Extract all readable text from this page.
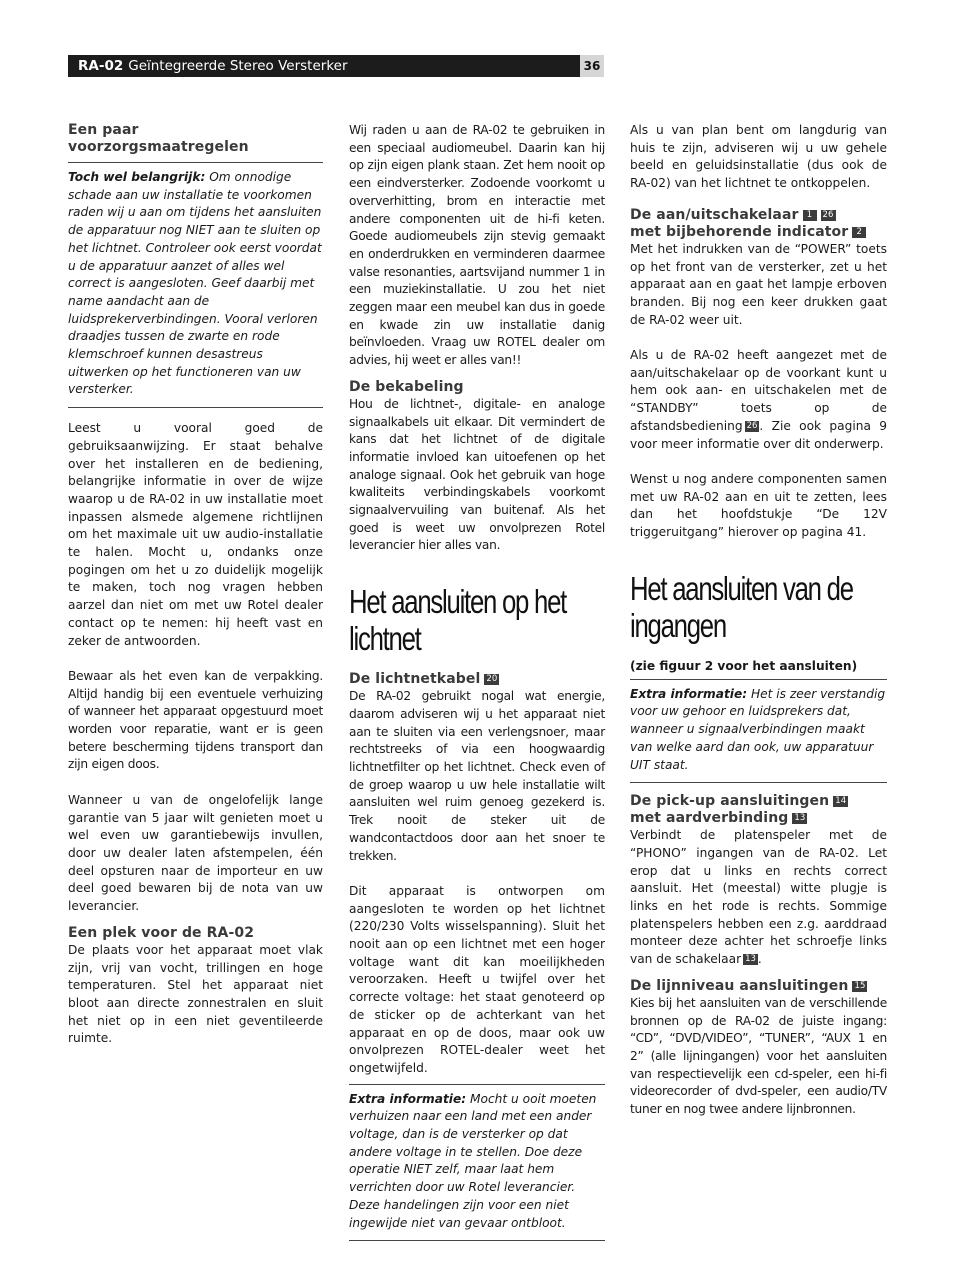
RA-02 Geïntegreerde Stereo Versterker	36
Een paar voorzorgsmaatregelen

Toch wel belangrijk: Om onnodige schade aan uw installatie te voorkomen raden wij u aan om tijdens het aansluiten de apparatuur nog NIET aan te sluiten op het lichtnet. Controleer ook eerst voordat u de apparatuur aanzet of alles wel correct is aangesloten. Geef daarbij met name aandacht aan de luidsprekerverbindingen. Vooral verloren draadjes tussen de zwarte en rode klemschroef kunnen desastreus uitwerken op het functioneren van uw versterker.

Leest u vooral goed de gebruiksaanwijzing. Er staat behalve over het installeren en de bediening, belangrijke informatie in over de wijze waarop u de RA-02 in uw installatie moet inpassen alsmede algemene richtlijnen om het maximale uit uw audio-installatie te halen. Mocht u, ondanks onze pogingen om het u zo duidelijk mogelijk te maken, toch nog vragen hebben aarzel dan niet om met uw Rotel dealer contact op te nemen: hij heeft vast en zeker de antwoorden.

Bewaar als het even kan de verpakking. Altijd handig bij een eventuele verhuizing of wanneer het apparaat opgestuurd moet worden voor reparatie, want er is geen betere bescherming tijdens transport dan zijn eigen doos.

Wanneer u van de ongelofelijk lange garantie van 5 jaar wilt genieten moet u wel even uw garantiebewijs invullen, door uw dealer laten afstempelen, één deel opsturen naar de importeur en uw deel goed bewaren bij de nota van uw leverancier.

Een plek voor de RA-02

De plaats voor het apparaat moet vlak zijn, vrij van vocht, trillingen en hoge temperaturen. Stel het apparaat niet bloot aan directe zonnestralen en sluit het niet op in een niet geventileerde ruimte.

Wij raden u aan de RA-02 te gebruiken in een speciaal audiomeubel. Daarin kan hij op zijn eigen plank staan. Zet hem nooit op een eindversterker. Zodoende voorkomt u oververhitting, brom en interactie met andere componenten uit de hi-fi keten. Goede audiomeubels zijn stevig gemaakt en onderdrukken en verminderen daarmee valse resonanties, aartsvijand nummer 1 in een muziekinstallatie. U zou het niet zeggen maar een meubel kan dus in goede en kwade zin uw installatie danig beïnvloeden. Vraag uw ROTEL dealer om advies, hij weet er alles van!!

De bekabeling

Hou de lichtnet-, digitale- en analoge signaalkabels uit elkaar. Dit vermindert de kans dat het lichtnet of de digitale informatie invloed kan uitoefenen op het analoge signaal. Ook het gebruik van hoge kwaliteits verbindingskabels voorkomt signaalvervuiling van buitenaf. Als het goed is weet uw onvolprezen Rotel leverancier hier alles van.

Het aansluiten op het lichtnet
De lichtnetkabel 20

De RA-02 gebruikt nogal wat energie, daarom adviseren wij u het apparaat niet aan te sluiten via een verlengsnoer, maar rechtstreeks of via een hoogwaardig lichtnetfilter op het lichtnet. Check even of de groep waarop u uw hele installatie wilt aansluiten wel ruim genoeg gezekerd is. Trek nooit de steker uit de wandcontactdoos door aan het snoer te trekken.

Dit apparaat is ontworpen om aangesloten te worden op het lichtnet (220/230 Volts wisselspanning). Sluit het nooit aan op een lichtnet met een hoger voltage want dit kan moeilijkheden veroorzaken. Heeft u twijfel over het correcte voltage: het staat genoteerd op de sticker op de achterkant van het apparaat en op de doos, maar ook uw onvolprezen ROTEL-dealer weet het ongetwijfeld.

Extra informatie: Mocht u ooit moeten verhuizen naar een land met een ander voltage, dan is de versterker op dat andere voltage in te stellen. Doe deze operatie NIET zelf, maar laat hem verrichten door uw Rotel leverancier. Deze handelingen zijn voor een niet ingewijde niet van gevaar ontbloot.

Als u van plan bent om langdurig van huis te zijn, adviseren wij u uw gehele beeld en geluidsinstallatie (dus ook de RA-02) van het lichtnet te ontkoppelen.

De aan/uitschakelaar 1 26
met bijbehorende indicator 2

Met het indrukken van de “POWER” toets op het front van de versterker, zet u het apparaat aan en gaat het lampje erboven branden. Bij nog een keer drukken gaat de RA-02 weer uit.

Als u de RA-02 heeft aangezet met de aan/uitschakelaar op de voorkant kunt u hem ook aan- en uitschakelen met de “STANDBY” toets op de afstandsbediening 26 . Zie ook pagina 9 voor meer informatie over dit onderwerp.

Wenst u nog andere componenten samen met uw RA-02 aan en uit te zetten, lees dan het hoofdstukje “De 12V triggeruitgang” hierover op pagina 41.

Het aansluiten van de ingangen

(zie figuur 2 voor het aansluiten)

Extra informatie: Het is zeer verstandig voor uw gehoor en luidsprekers dat, wanneer u signaalverbindingen maakt van welke aard dan ook, uw apparatuur UIT staat.

De pick-up aansluitingen 14
met aardverbinding 13

Verbindt de platenspeler met de “PHONO” ingangen van de RA-02. Let erop dat u links en rechts correct aansluit. Het (meestal) witte plugje is links en het rode is rechts. Sommige platenspelers hebben een z.g. aarddraad monteer deze achter het schroefje links van de schakelaar 13 .

De lijnniveau aansluitingen 15

Kies bij het aansluiten van de verschillende bronnen op de RA-02 de juiste ingang: “CD”, “DVD/VIDEO”, “TUNER”, “AUX 1 en 2” (alle lijningangen) voor het aansluiten van respectievelijk een cd-speler, een hi-fi videorecorder of dvd-speler, een audio/TV tuner en nog twee andere lijnbronnen.
